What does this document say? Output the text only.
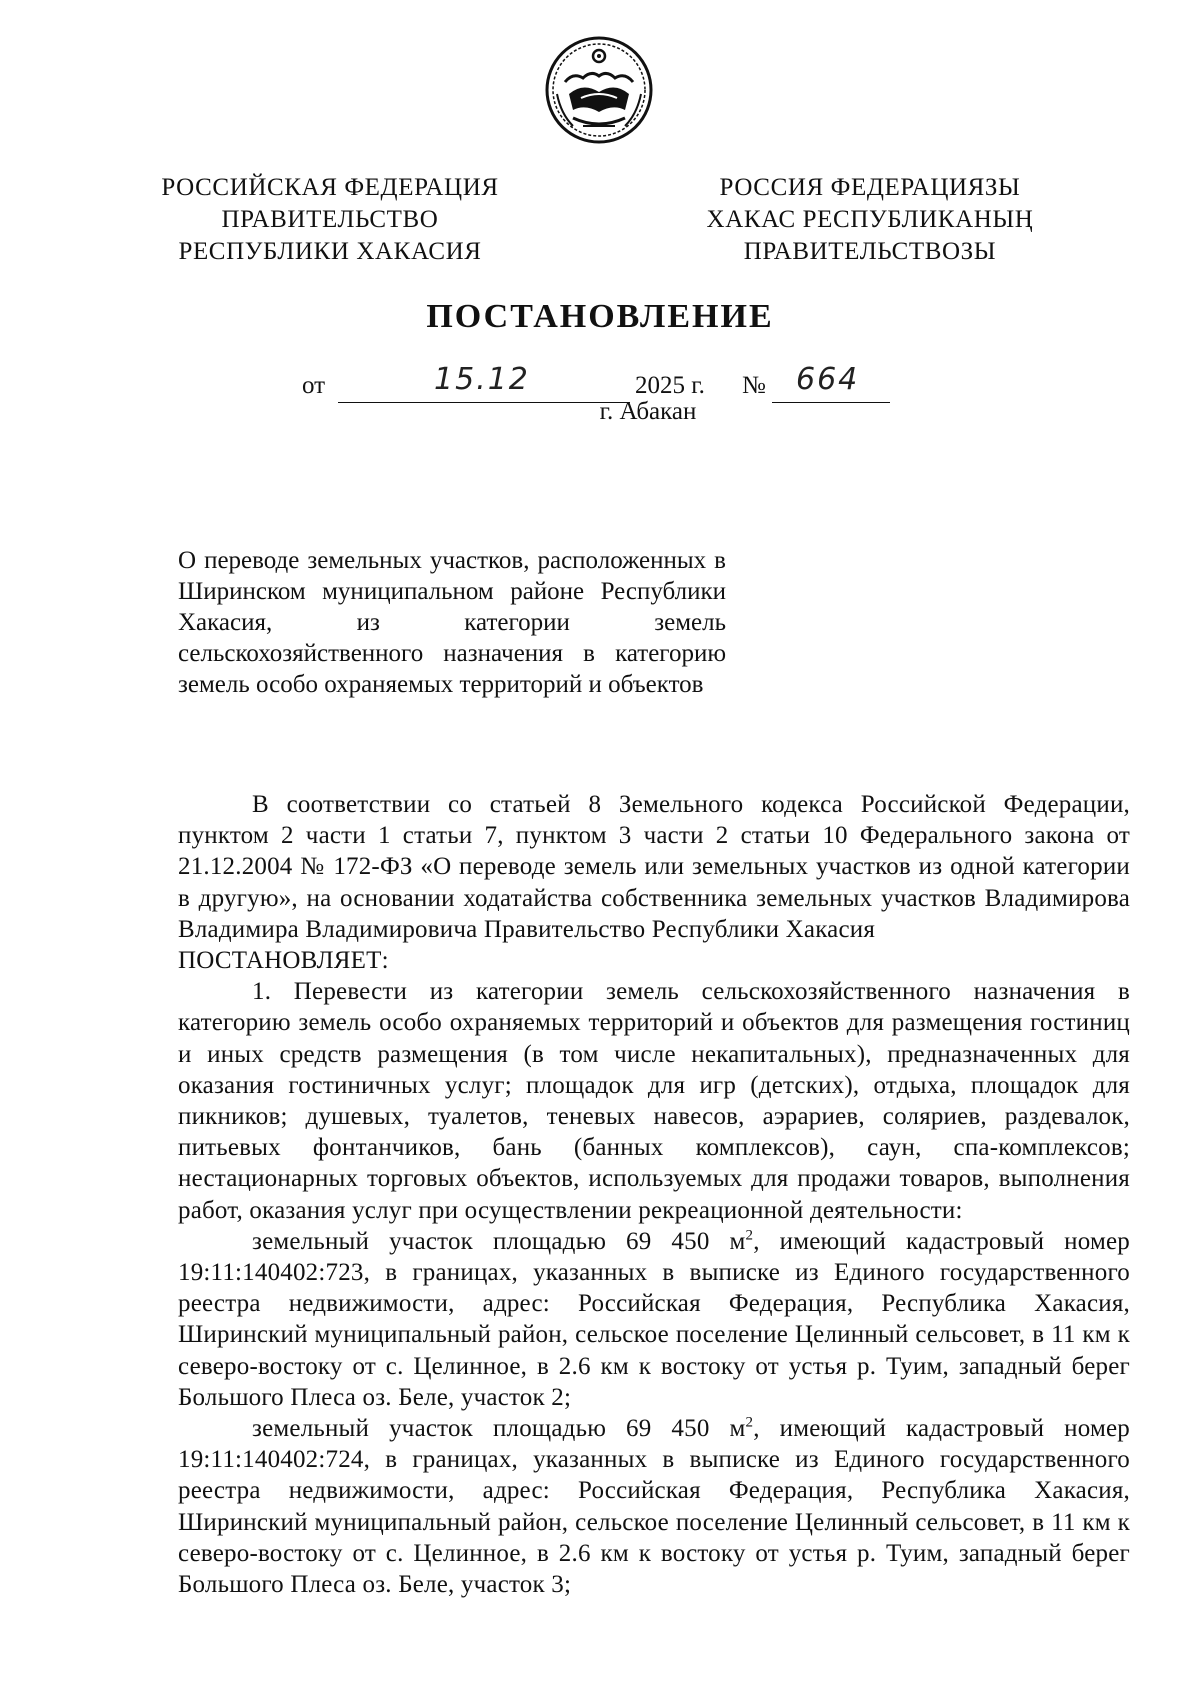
РОССИЙСКАЯ ФЕДЕРАЦИЯ
ПРАВИТЕЛЬСТВО
РЕСПУБЛИКИ ХАКАСИЯ
РОССИЯ ФЕДЕРАЦИЯЗЫ
ХАКАС РЕСПУБЛИКАНЫҢ
ПРАВИТЕЛЬСТВОЗЫ
ПОСТАНОВЛЕНИЕ
от	15.12	2025 г. № 664
г. Абакан
О переводе земельных участков, расположенных в Ширинском муниципальном районе Республики Хакасия, из категории земель сельскохозяйственного назначения в категорию земель особо охраняемых территорий и объектов

В соответствии со статьей 8 Земельного кодекса Российской Федерации, пунктом 2 части 1 статьи 7, пунктом 3 части 2 статьи 10 Федерального закона от 21.12.2004 № 172-ФЗ «О переводе земель или земельных участков из одной категории в другую», на основании ходатайства собственника земельных участков Владимирова Владимира Владимировича Правительство Республики Хакасия

ПОСТАНОВЛЯЕТ:

1. Перевести из категории земель сельскохозяйственного назначения в категорию земель особо охраняемых территорий и объектов для размещения гостиниц и иных средств размещения (в том числе некапитальных), предназначенных для оказания гостиничных услуг; площадок для игр (детских), отдыха, площадок для пикников; душевых, туалетов, теневых навесов, аэрариев, соляриев, раздевалок, питьевых фонтанчиков, бань (банных комплексов), саун, спа-комплексов; нестационарных торговых объектов, используемых для продажи товаров, выполнения работ, оказания услуг при осуществлении рекреационной деятельности:

земельный участок площадью 69 450 $м^2$, имеющий кадастровый номер 19:11:140402:723, в границах, указанных в выписке из Единого государственного реестра недвижимости, адрес: Российская Федерация, Республика Хакасия, Ширинский муниципальный район, сельское поселение Целинный сельсовет, в 11 км к северо-востоку от с. Целинное, в 2.6 км к востоку от устья р. Туим, западный берег Большого Плеса оз. Беле, участок 2;

земельный участок площадью 69 450 $м^2$, имеющий кадастровый номер 19:11:140402:724, в границах, указанных в выписке из Единого государственного реестра недвижимости, адрес: Российская Федерация, Республика Хакасия, Ширинский муниципальный район, сельское поселение Целинный сельсовет, в 11 км к северо-востоку от с. Целинное, в 2.6 км к востоку от устья р. Туим, западный берег Большого Плеса оз. Беле, участок 3;
